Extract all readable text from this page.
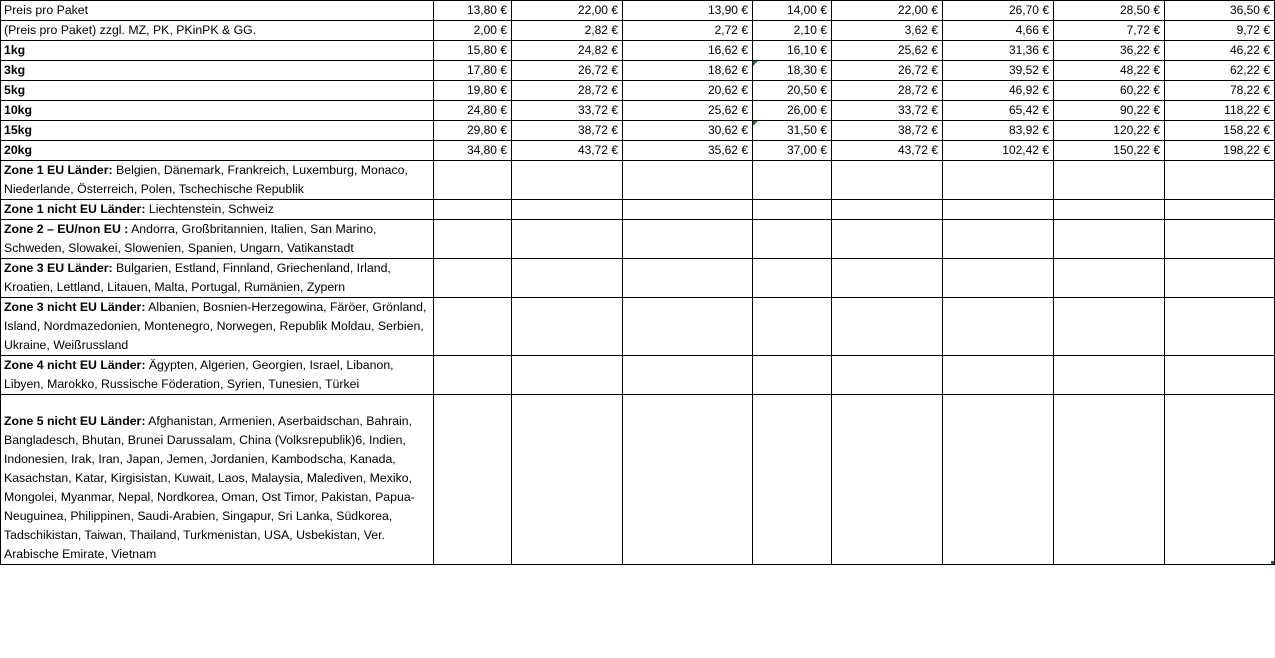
Preis pro Paket	13,80 €	22,00 €	13,90 €	14,00 €	22,00 €	26,70 €	28,50 €	36,50 €
(Preis pro Paket) zzgl. MZ, PK, PKinPK & GG.	2,00 €	2,82 €	2,72 €	2,10 €	3,62 €	4,66 €	7,72 €	9,72 €
1kg	15,80 €	24,82 €	16,62 €	16,10 €	25,62 €	31,36 €	36,22 €	46,22 €
3kg	17,80 €	26,72 €	18,62 €	18,30 €	26,72 €	39,52 €	48,22 €	62,22 €
5kg	19,80 €	28,72 €	20,62 €	20,50 €	28,72 €	46,92 €	60,22 €	78,22 €
10kg	24,80 €	33,72 €	25,62 €	26,00 €	33,72 €	65,42 €	90,22 €	118,22 €
15kg	29,80 €	38,72 €	30,62 €	31,50 €	38,72 €	83,92 €	120,22 €	158,22 €
20kg	34,80 €	43,72 €	35,62 €	37,00 €	43,72 €	102,42 €	150,22 €	198,22 €
Zone 1 EU Länder: Belgien, Dänemark, Frankreich, Luxemburg, Monaco, Niederlande, Österreich, Polen, Tschechische Republik								
Zone 1 nicht EU Länder: Liechtenstein, Schweiz								
Zone 2 – EU/non EU : Andorra, Großbritannien, Italien, San Marino, Schweden, Slowakei, Slowenien, Spanien, Ungarn, Vatikanstadt								
Zone 3 EU Länder: Bulgarien, Estland, Finnland, Griechenland, Irland, Kroatien, Lettland, Litauen, Malta, Portugal, Rumänien, Zypern								
Zone 3 nicht EU Länder: Albanien, Bosnien-Herzegowina, Färöer, Grönland, Island, Nordmazedonien, Montenegro, Norwegen, Republik Moldau, Serbien, Ukraine, Weißrussland								
Zone 4 nicht EU Länder: Ägypten, Algerien, Georgien, Israel, Libanon, Libyen, Marokko, Russische Föderation, Syrien, Tunesien, Türkei								
Zone 5 nicht EU Länder: Afghanistan, Armenien, Aserbaidschan, Bahrain, Bangladesch, Bhutan, Brunei Darussalam, China (Volksrepublik)6, Indien, Indonesien, Irak, Iran, Japan, Jemen, Jordanien, Kambodscha, Kanada, Kasachstan, Katar, Kirgisistan, Kuwait, Laos, Malaysia, Malediven, Mexiko, Mongolei, Myanmar, Nepal, Nordkorea, Oman, Ost Timor, Pakistan, Papua-Neuguinea, Philippinen, Saudi-Arabien, Singapur, Sri Lanka, Südkorea, Tadschikistan, Taiwan, Thailand, Turkmenistan, USA, Usbekistan, Ver. Arabische Emirate, Vietnam								
